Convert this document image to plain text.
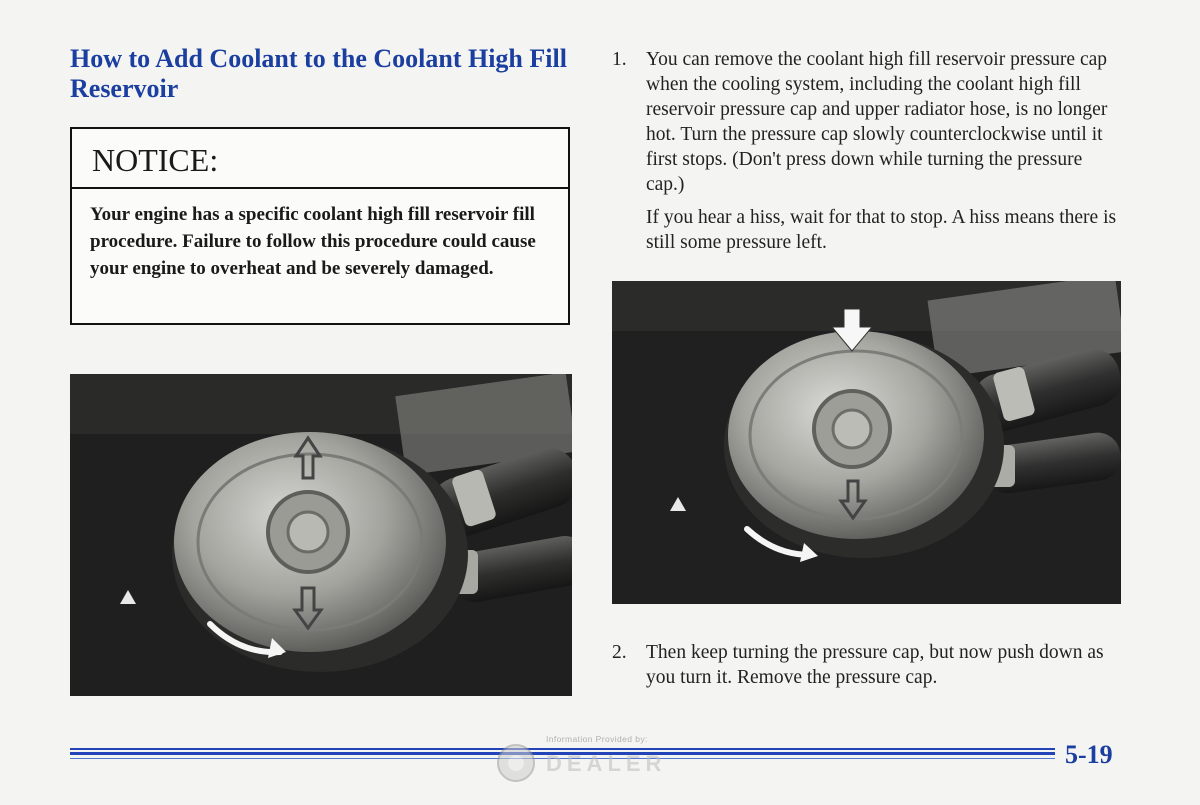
How to Add Coolant to the Coolant High Fill Reservoir
NOTICE:
Your engine has a specific coolant high fill reservoir fill procedure. Failure to follow this procedure could cause your engine to overheat and be severely damaged.

1. You can remove the coolant high fill reservoir pressure cap when the cooling system, including the coolant high fill reservoir pressure cap and upper radiator hose, is no longer hot. Turn the pressure cap slowly counterclockwise until it first stops. (Don't press down while turning the pressure cap.)

If you hear a hiss, wait for that to stop. A hiss means there is still some pressure left.

2. Then keep turning the pressure cap, but now push down as you turn it. Remove the pressure cap.

Information Provided by:
DEALER	5-19
